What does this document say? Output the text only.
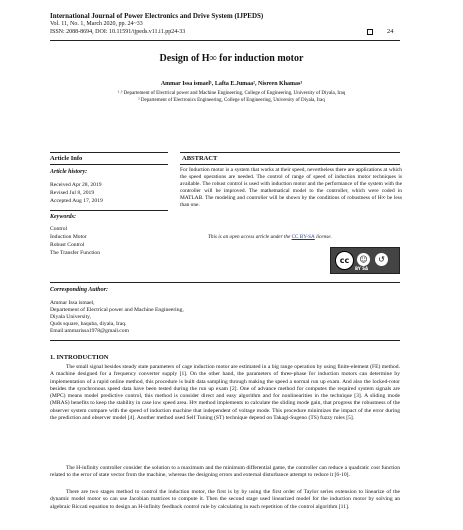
International Journal of Power Electronics and Drive System (IJPEDS)
Vol. 11, No. 1, March 2020, pp. 24~33
ISSN: 2088-8694, DOI: 10.11591/ijpeds.v11.i1.pp24-33	24
Design of H∞ for induction motor
Ammar Issa ismael¹, Lafta E.Jumaa², Nisreen Khamas³
¹˒³ Departement of Electrical power and Machine Engineering, College of Engineering, University of Diyala, Iraq
² Departement of Electronics Engineering, College of Engineering, University of Diyala, Iraq
Article Info
Article history:
Received Apr 28, 2019
Revised Jul 8, 2019
Accepted Aug 17, 2019
Keywords:
Control
Induction Motor
Robust Control
The Transfer Function
ABSTRACT
For Induction motor is a system that works at their speed, nevertheless there are applications at which the speed operations are needed. The control of range of speed of induction motor techniques is available. The robust control is used with induction motor and the performance of the system with the controller will be improved. The mathematical model to the controller, which were coded in MATLAB. The modeling and controller will be shown by the conditions of robustness of H∞ be less than one.
This is an open access article under the CC BY-SA license.
cc	☺	↺
BY SA
Corresponding Author:
Ammar Issa ismael,
Departement of Electrical power and Machine Engineering,
Diyala University,
Quds square, baquba, diyala, Iraq.
Email:ammarissa1978@gmail.com
1. INTRODUCTION

The small signal besides steady state parameters of cage induction motor are estimated in a big range operation by using finite-element (FE) method. A machine designed for a frequency converter supply [1]. On the other hand, the parameters of three-phase for induction motors can determine by implementation of a rapid online method, this procedure is built data sampling through making the speed a normal run up exam. And also the locked-rotor besides the synchronous speed data have been tested during the run up exam [2]. One of advance method for computes the required system signals are (MPC) means model predictive control, this method is consider direct and easy algorithm and for nonlinearities in the technique [3]. A sliding mode (MRAS) benefits to keep the stability in case low speed area. H∞ method implements to calculate the sliding mode gain, that progress the robustness of the observer system compare with the speed of induction machine that independent of voltage mode. This procedure minimizes the impact of the error during the prediction and observer model [4]. Another method used Self Tuning (ST) technique depend on Takagi-Sugeno (TS) fuzzy rules [5].

The H-infinity controller consider the solution to a maximum and the minimum differential game, the controller can reduce a quadratic cost function related to the error of state vector from the machine, whereas the designing errors and external disturbance attempt to reduce it [6-10].

There are two stages method to control the induction motor, the first is by by using the first order of Taylor series extension to linearize of the dynamic model motor so can use Jacobian matrices to compute it. Then the second stage used linearized model for the induction motor by solving an algebraic Riccati equation to design an H-infinity feedback control rule by calculating in each repetition of the control algorithm [11].
